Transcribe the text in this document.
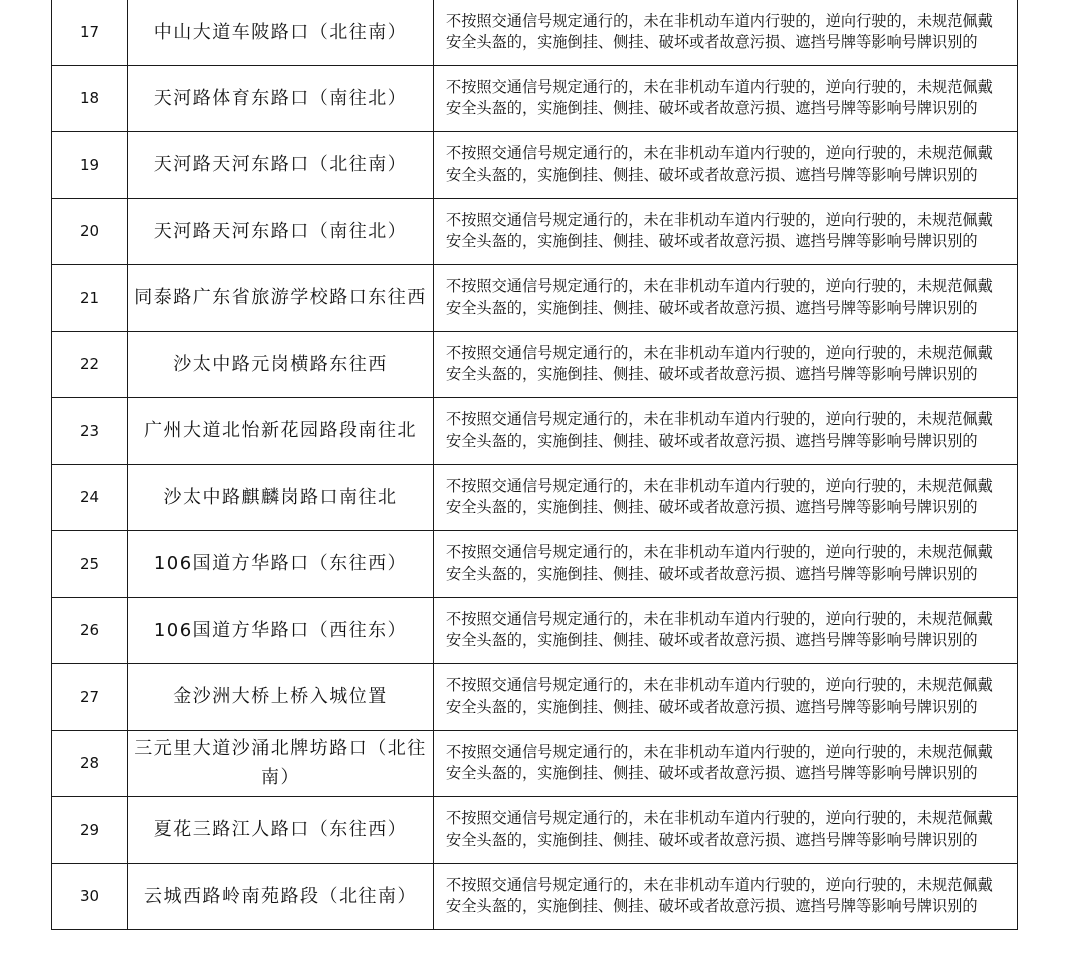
17	中山大道车陂路口（北往南）	不按照交通信号规定通行的，未在非机动车道内行驶的，逆向行驶的，未规范佩戴安全头盔的，实施倒挂、侧挂、破坏或者故意污损、遮挡号牌等影响号牌识别的

18	天河路体育东路口（南往北）	不按照交通信号规定通行的，未在非机动车道内行驶的，逆向行驶的，未规范佩戴安全头盔的，实施倒挂、侧挂、破坏或者故意污损、遮挡号牌等影响号牌识别的

19	天河路天河东路口（北往南）	不按照交通信号规定通行的，未在非机动车道内行驶的，逆向行驶的，未规范佩戴安全头盔的，实施倒挂、侧挂、破坏或者故意污损、遮挡号牌等影响号牌识别的

20	天河路天河东路口（南往北）	不按照交通信号规定通行的，未在非机动车道内行驶的，逆向行驶的，未规范佩戴安全头盔的，实施倒挂、侧挂、破坏或者故意污损、遮挡号牌等影响号牌识别的

21	同泰路广东省旅游学校路口东往西	不按照交通信号规定通行的，未在非机动车道内行驶的，逆向行驶的，未规范佩戴安全头盔的，实施倒挂、侧挂、破坏或者故意污损、遮挡号牌等影响号牌识别的

22	沙太中路元岗横路东往西	不按照交通信号规定通行的，未在非机动车道内行驶的，逆向行驶的，未规范佩戴安全头盔的，实施倒挂、侧挂、破坏或者故意污损、遮挡号牌等影响号牌识别的

23	广州大道北怡新花园路段南往北	不按照交通信号规定通行的，未在非机动车道内行驶的，逆向行驶的，未规范佩戴安全头盔的，实施倒挂、侧挂、破坏或者故意污损、遮挡号牌等影响号牌识别的

24	沙太中路麒麟岗路口南往北	不按照交通信号规定通行的，未在非机动车道内行驶的，逆向行驶的，未规范佩戴安全头盔的，实施倒挂、侧挂、破坏或者故意污损、遮挡号牌等影响号牌识别的

25	106国道方华路口（东往西）	不按照交通信号规定通行的，未在非机动车道内行驶的，逆向行驶的，未规范佩戴安全头盔的，实施倒挂、侧挂、破坏或者故意污损、遮挡号牌等影响号牌识别的

26	106国道方华路口（西往东）	不按照交通信号规定通行的，未在非机动车道内行驶的，逆向行驶的，未规范佩戴安全头盔的，实施倒挂、侧挂、破坏或者故意污损、遮挡号牌等影响号牌识别的

27	金沙洲大桥上桥入城位置	不按照交通信号规定通行的，未在非机动车道内行驶的，逆向行驶的，未规范佩戴安全头盔的，实施倒挂、侧挂、破坏或者故意污损、遮挡号牌等影响号牌识别的

28	三元里大道沙涌北牌坊路口（北往南）	不按照交通信号规定通行的，未在非机动车道内行驶的，逆向行驶的，未规范佩戴安全头盔的，实施倒挂、侧挂、破坏或者故意污损、遮挡号牌等影响号牌识别的

29	夏花三路江人路口（东往西）	不按照交通信号规定通行的，未在非机动车道内行驶的，逆向行驶的，未规范佩戴安全头盔的，实施倒挂、侧挂、破坏或者故意污损、遮挡号牌等影响号牌识别的

30	云城西路岭南苑路段（北往南）	不按照交通信号规定通行的，未在非机动车道内行驶的，逆向行驶的，未规范佩戴安全头盔的，实施倒挂、侧挂、破坏或者故意污损、遮挡号牌等影响号牌识别的
